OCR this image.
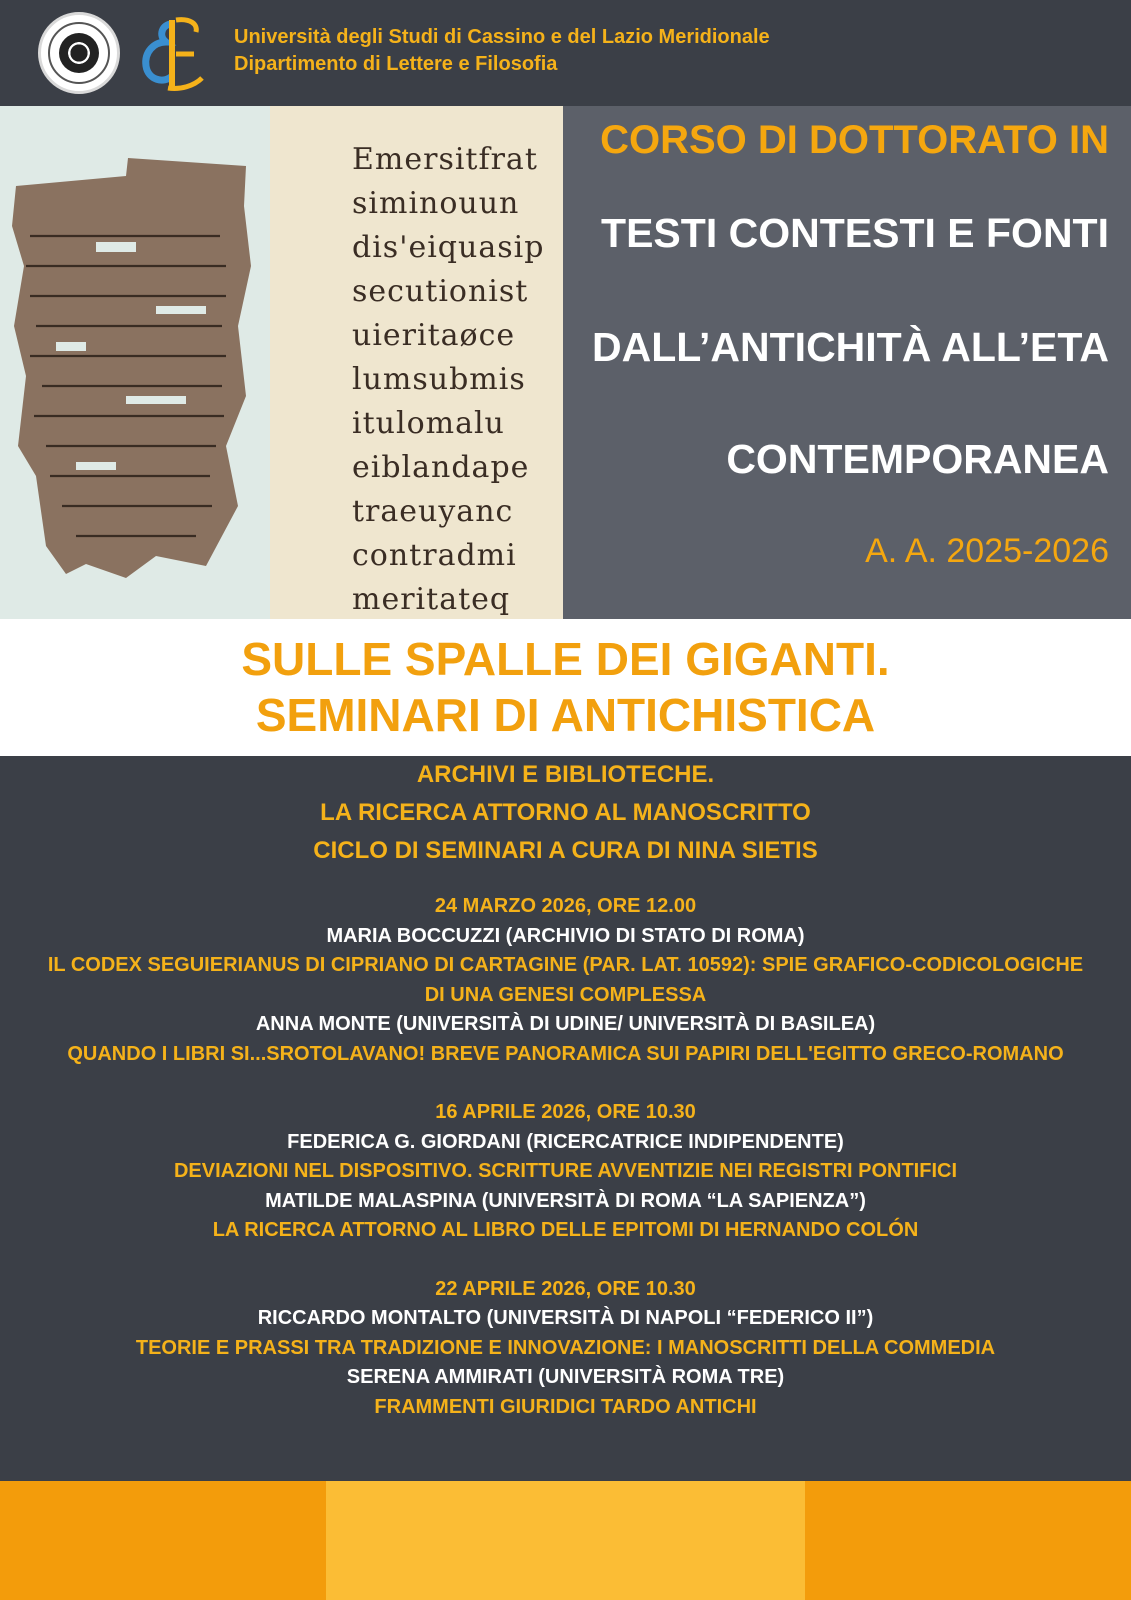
Università degli Studi di Cassino e del Lazio Meridionale
Dipartimento di Lettere e Filosofia
Emersitfrat
siminouun
dis'eiquasip
secutionist
uieritaøce
lumsubmis
itulomalu
eiblandape
traeuyanc
contradmi
meritateq
CORSO DI DOTTORATO IN
TESTI CONTESTI E FONTI
DALL’ANTICHITÀ ALL’ETA
CONTEMPORANEA
A. A. 2025-2026
SULLE SPALLE DEI GIGANTI.
SEMINARI DI ANTICHISTICA
ARCHIVI E BIBLIOTECHE.
LA RICERCA ATTORNO AL MANOSCRITTO
CICLO DI SEMINARI A CURA DI NINA SIETIS
24 MARZO 2026, ORE 12.00
MARIA BOCCUZZI (ARCHIVIO DI STATO DI ROMA)
IL CODEX SEGUIERIANUS DI CIPRIANO DI CARTAGINE (PAR. LAT. 10592): SPIE GRAFICO-CODICOLOGICHE
DI UNA GENESI COMPLESSA
ANNA MONTE (UNIVERSITÀ DI UDINE/ UNIVERSITÀ DI BASILEA)
QUANDO I LIBRI SI...SROTOLAVANO! BREVE PANORAMICA SUI PAPIRI DELL'EGITTO GRECO-ROMANO
16 APRILE 2026, ORE 10.30
FEDERICA G. GIORDANI (RICERCATRICE INDIPENDENTE)
DEVIAZIONI NEL DISPOSITIVO. SCRITTURE AVVENTIZIE NEI REGISTRI PONTIFICI
MATILDE MALASPINA (UNIVERSITÀ DI ROMA “LA SAPIENZA”)
LA RICERCA ATTORNO AL LIBRO DELLE EPITOMI DI HERNANDO COLÓN
22 APRILE 2026, ORE 10.30
RICCARDO MONTALTO (UNIVERSITÀ DI NAPOLI “FEDERICO II”)
TEORIE E PRASSI TRA TRADIZIONE E INNOVAZIONE: I MANOSCRITTI DELLA COMMEDIA
SERENA AMMIRATI (UNIVERSITÀ ROMA TRE)
FRAMMENTI GIURIDICI TARDO ANTICHI
